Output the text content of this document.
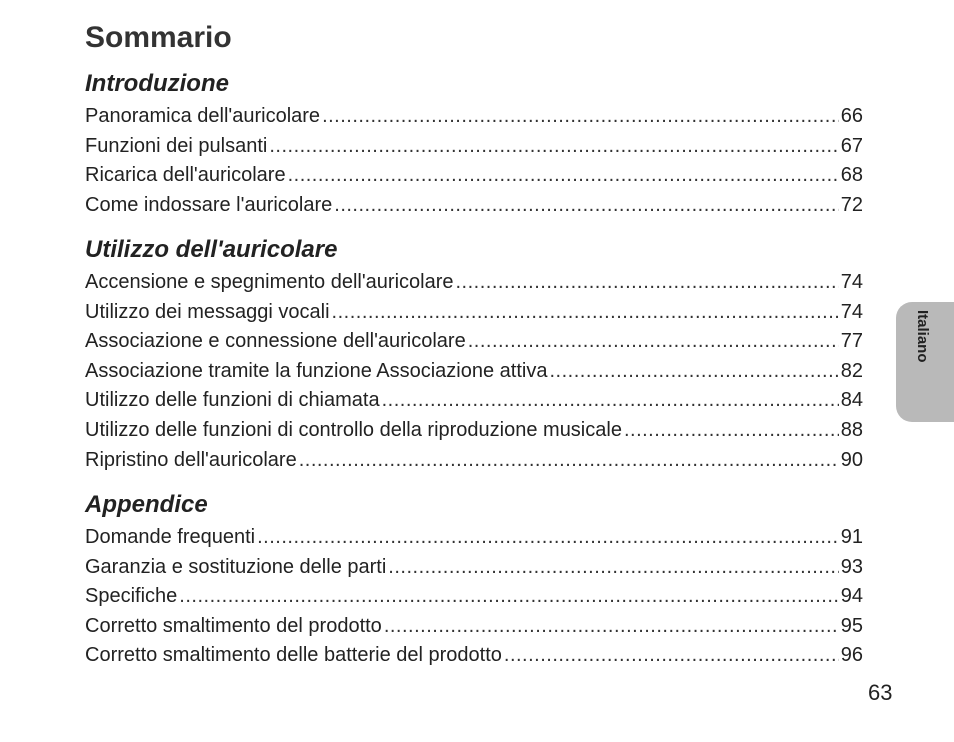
Sommario
Introduzione
Panoramica dell'auricolare .....	66
Funzioni dei pulsanti .....	67
Ricarica dell'auricolare .....	68
Come indossare l'auricolare .....	72
Utilizzo dell'auricolare
Accensione e spegnimento dell'auricolare .....	74
Utilizzo dei messaggi vocali .....	74
Associazione e connessione dell'auricolare .....	77
Associazione tramite la funzione Associazione attiva .....	82
Utilizzo delle funzioni di chiamata .....	84
Utilizzo delle funzioni di controllo della riproduzione musicale .....	88
Ripristino dell'auricolare .....	90
Appendice
Domande frequenti .....	91
Garanzia e sostituzione delle parti .....	93
Specifiche .....	94
Corretto smaltimento del prodotto .....	95
Corretto smaltimento delle batterie del prodotto .....	96
Italiano
63
